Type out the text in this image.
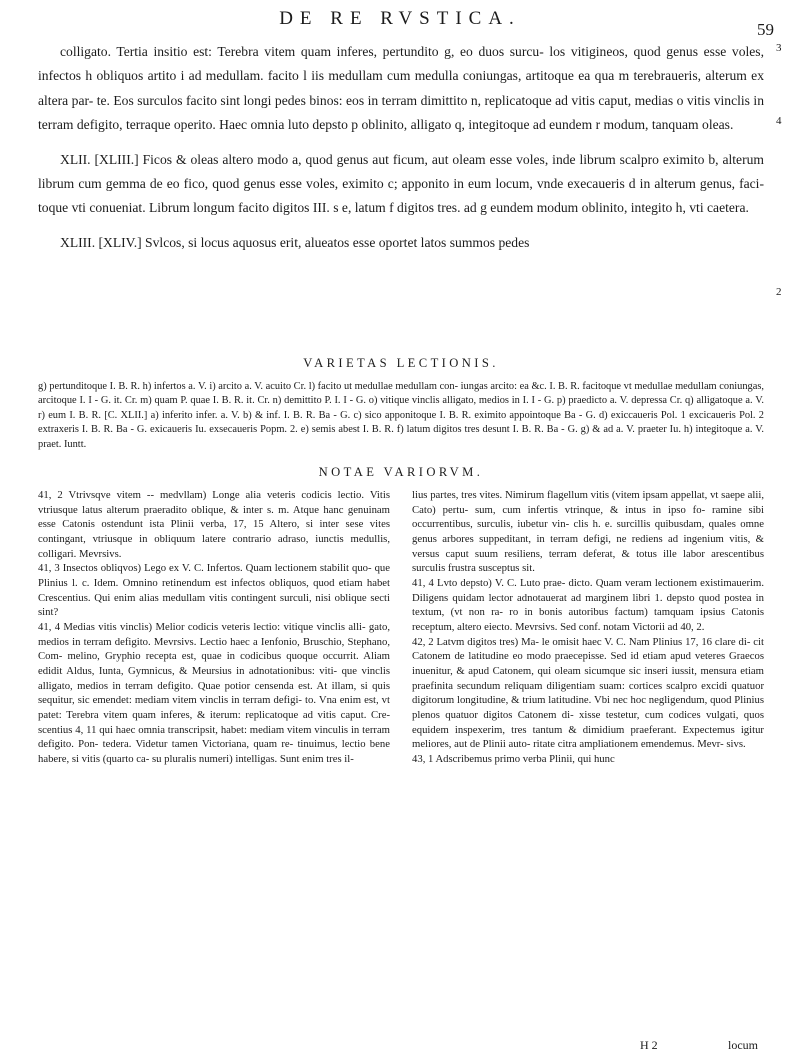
DE RE RVSTICA.
59

colligato. Tertia insitio est: Terebra vitem quam inferes, pertundito g, eo duos surcu- los vitigineos, quod genus esse voles, infectos h obliquos artito i ad medullam. facito l iis medullam cum medulla coniungas, artitoque ea qua m terebraueris, alterum ex altera par- te. Eos surculos facito sint longi pedes binos: eos in terram dimittito n, replicatoque ad vitis caput, medias o vitis vinclis in terram defigito, terraque operito. Haec omnia luto depsto p oblinito, alligato q, integitoque ad eundem r modum, tanquam oleas.

XLII. [XLIII.] Ficos & oleas altero modo a, quod genus aut ficum, aut oleam esse voles, inde librum scalpro eximito b, alterum librum cum gemma de eo fico, quod genus esse voles, eximito c; apponito in eum locum, vnde execaueris d in alterum genus, faci- toque vti conueniat. Librum longum facito digitos III. s e, latum f digitos tres. ad g eundem modum oblinito, integito h, vti caetera.

XLIII. [XLIV.] Svlcos, si locus aquosus erit, alueatos esse oportet latos summos pedes

3
4
2
VARIETAS LECTIONIS.
g) pertunditoque I. B. R. h) infertos a. V. i) arcito a. V. acuito Cr. l) facito ut medullae medullam con- iungas arcito: ea &c. I. B. R. facitoque vt medullae medullam coniungas, arcitoque I. I - G. it. Cr. m) quam P. quae I. B. R. it. Cr. n) demittito P. I. I - G. o) vitique vinclis alligato, medios in I. I - G. p) praedicto a. V. depressa Cr. q) alligatoque a. V. r) eum I. B. R. [C. XLII.] a) inferito infer. a. V. b) & inf. I. B. R. Ba - G. c) sico apponitoque I. B. R. eximito appointoque Ba - G. d) exiccaueris Pol. 1 excicaueris Pol. 2 extraxeris I. B. R. Ba - G. exicaueris Iu. exsecaueris Popm. 2. e) semis abest I. B. R. f) latum digitos tres desunt I. B. R. Ba - G. g) & ad a. V. praeter Iu. h) integitoque a. V. praet. Iuntt.
NOTAE VARIORVM.

41, 2 Vtrivsqve vitem -- medvllam) Longe alia veteris codicis lectio. Vitis vtriusque latus alterum praeradito oblique, & inter s. m. Atque hanc genuinam esse Catonis ostendunt ista Plinii verba, 17, 15 Altero, si inter sese vites contingant, vtriusque in obliquum latere contrario adraso, iunctis medullis, colligari. Mevrsivs.

41, 3 Insectos obliqvos) Lego ex V. C. Infertos. Quam lectionem stabilit quo- que Plinius l. c. Idem. Omnino retinendum est infectos obliquos, quod etiam habet Crescentius. Qui enim alias medullam vitis contingent surculi, nisi oblique secti sint?

41, 4 Medias vitis vinclis) Melior codicis veteris lectio: vitique vinclis alli- gato, medios in terram defigito. Mevrsivs. Lectio haec a Ienfonio, Bruschio, Stephano, Com- melino, Gryphio recepta est, quae in codicibus quoque occurrit. Aliam edidit Aldus, Iunta, Gymnicus, & Meursius in adnotationibus: viti- que vinclis alligato, medios in terram defigito. Quae potior censenda est. At illam, si quis sequitur, sic emendet: mediam vitem vinclis in terram defigi- to. Vna enim est, vt patet: Terebra vitem quam inferes, & iterum: replicatoque ad vitis caput. Cre- scentius 4, 11 qui haec omnia transcripsit, habet: mediam vitem vinculis in terram defigito. Pon- tedera. Videtur tamen Victoriana, quam re- tinuimus, lectio bene habere, si vitis (quarto ca- su pluralis numeri) intelligas. Sunt enim tres il-

lius partes, tres vites. Nimirum flagellum vitis (vitem ipsam appellat, vt saepe alii, Cato) pertu- sum, cum infertis vtrinque, & intus in ipso fo- ramine sibi occurrentibus, surculis, iubetur vin- clis h. e. surcillis quibusdam, quales omne genus arbores suppeditant, in terram defigi, ne rediens ad ingenium vitis, & versus caput suum resiliens, terram deferat, & totus ille labor arescentibus surculis frustra susceptus sit.

41, 4 Lvto depsto) V. C. Luto prae- dicto. Quam veram lectionem existimauerim. Diligens quidam lector adnotauerat ad marginem libri 1. depsto quod postea in textum, (vt non ra- ro in bonis autoribus factum) tamquam ipsius Catonis receptum, altero eiecto. Mevrsivs. Sed conf. notam Victorii ad 40, 2.

42, 2 Latvm digitos tres) Ma- le omisit haec V. C. Nam Plinius 17, 16 clare di- cit Catonem de latitudine eo modo praecepisse. Sed id etiam apud veteres Graecos inuenitur, & apud Catonem, qui oleam sicumque sic inseri iussit, mensura etiam praefinita secundum reliquam diligentiam suam: cortices scalpro excidi quatuor digitorum longitudine, & trium latitudine. Vbi nec hoc negligendum, quod Plinius plenos quatuor digitos Catonem di- xisse testetur, cum codices vulgati, quos equidem inspexerim, tres tantum & dimidium praeferant. Expectemus igitur meliores, aut de Plinii auto- ritate citra ampliationem emendemus. Mevr- sivs.

43, 1 Adscribemus primo verba Plinii, qui hunc

H 2	locum
